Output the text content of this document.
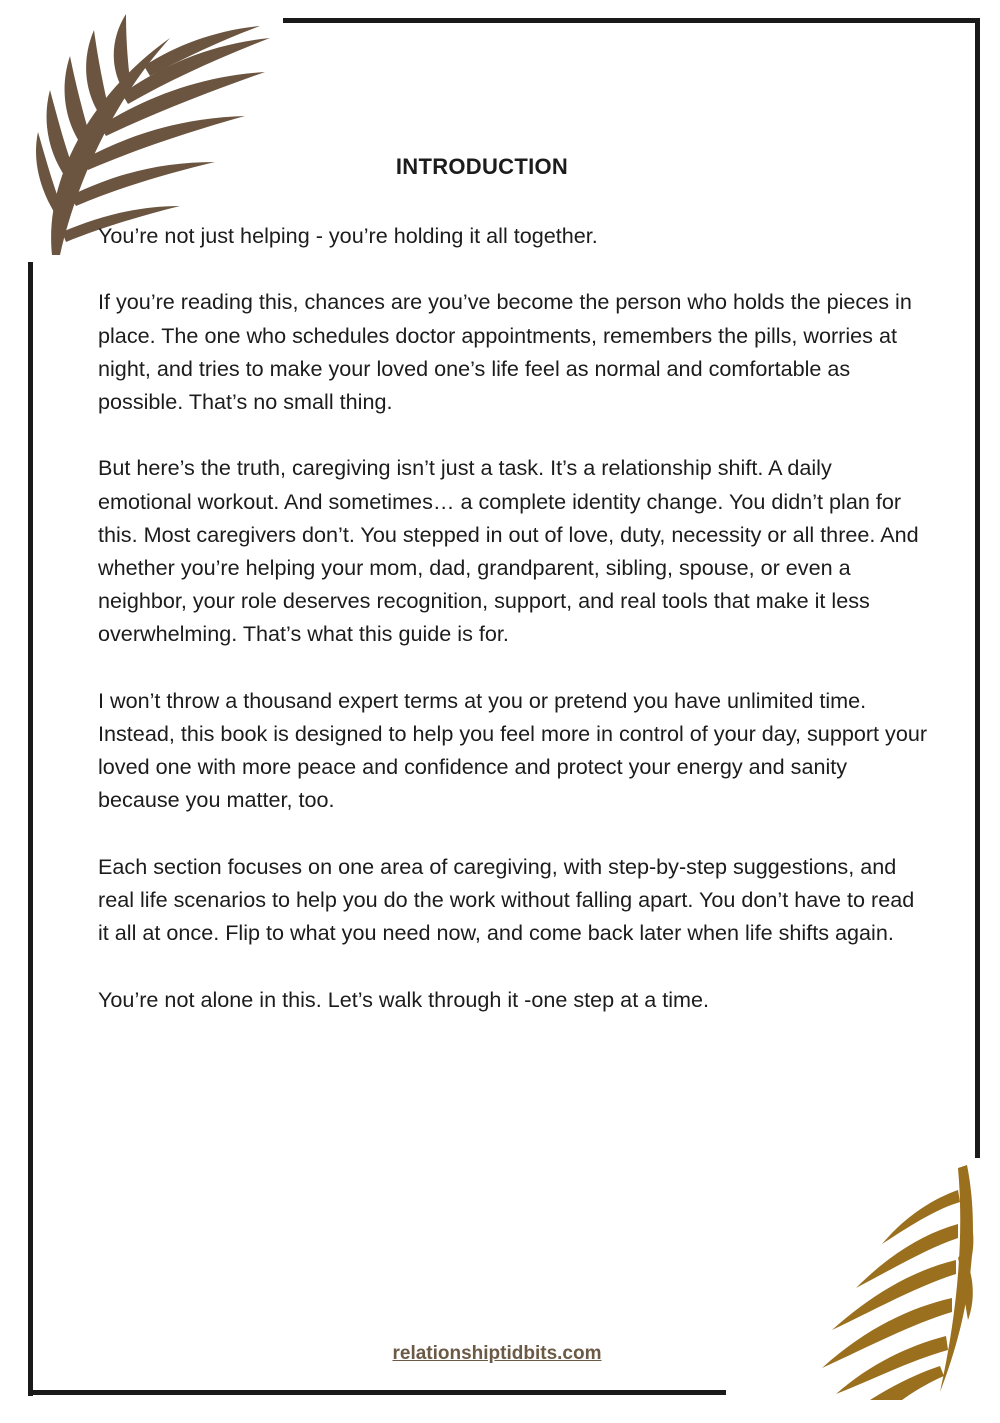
INTRODUCTION

You’re not just helping - you’re holding it all together.

If you’re reading this, chances are you’ve become the person who holds the pieces in place. The one who schedules doctor appointments, remembers the pills, worries at night, and tries to make your loved one’s life feel as normal and comfortable as possible. That’s no small thing.

But here’s the truth, caregiving isn’t just a task. It’s a relationship shift. A daily emotional workout. And sometimes… a complete identity change. You didn’t plan for this. Most caregivers don’t. You stepped in out of love, duty, necessity or all three. And whether you’re helping your mom, dad, grandparent, sibling, spouse, or even a neighbor, your role deserves recognition, support, and real tools that make it less overwhelming. That’s what this guide is for.

I won’t throw a thousand expert terms at you or pretend you have unlimited time. Instead, this book is designed to help you feel more in control of your day, support your loved one with more peace and confidence and protect your energy and sanity because you matter, too.

Each section focuses on one area of caregiving, with step-by-step suggestions, and real life scenarios to help you do the work without falling apart. You don’t have to read it all at once. Flip to what you need now, and come back later when life shifts again.

You’re not alone in this. Let’s walk through it -one step at a time.

relationshiptidbits.com
